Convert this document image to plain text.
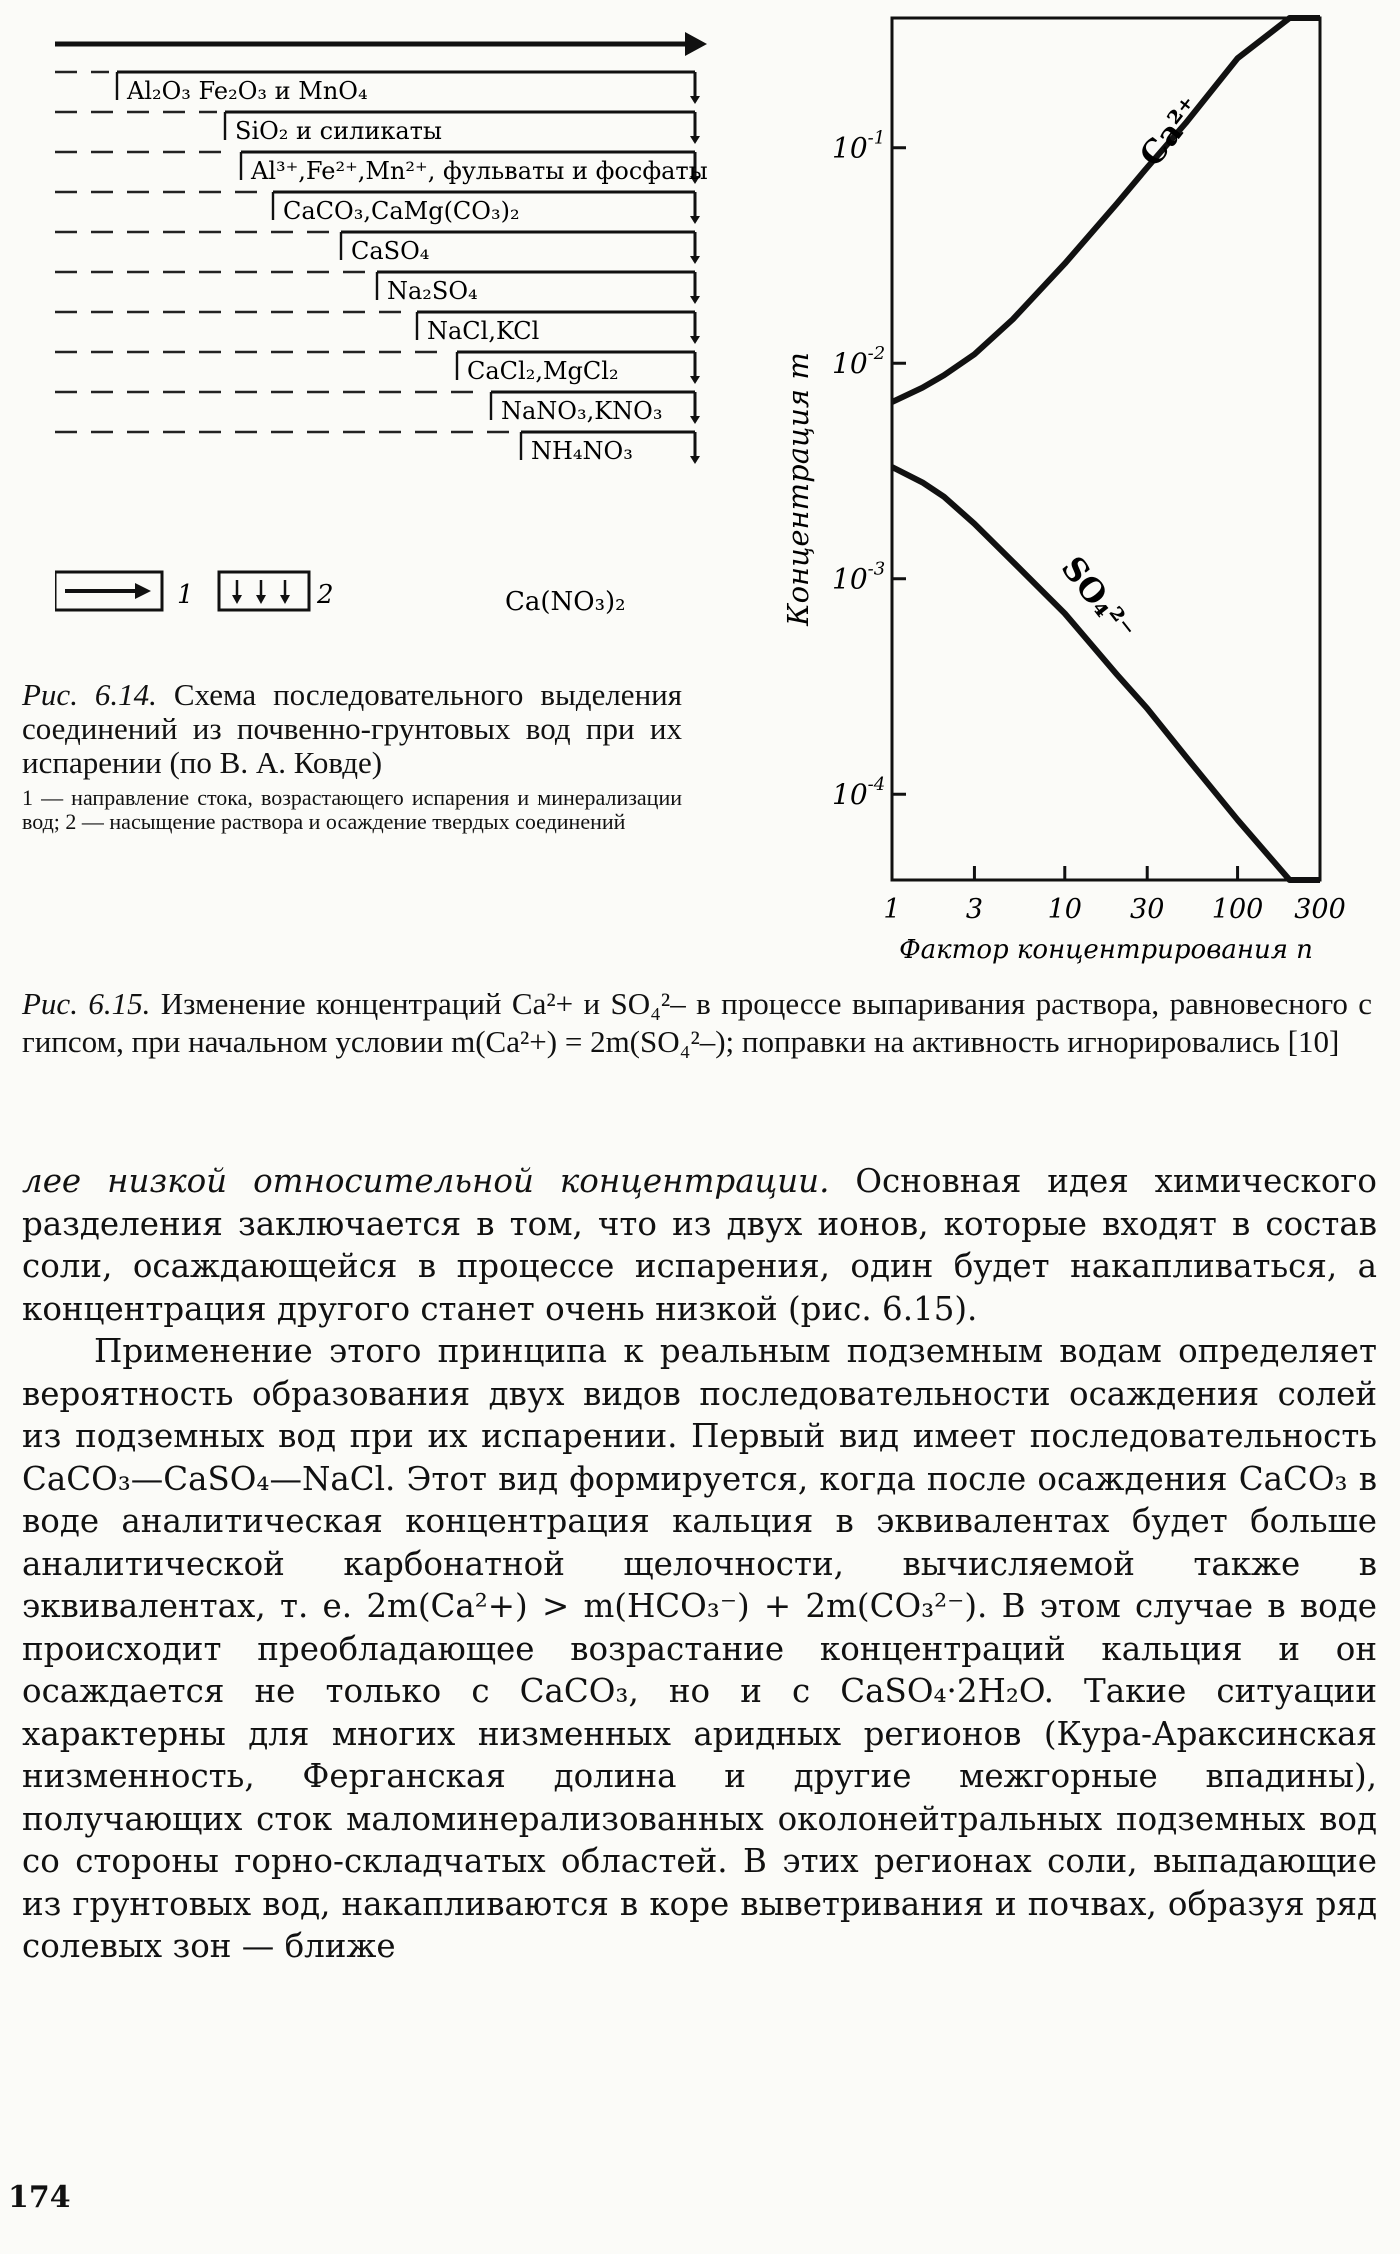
Al₂O₃ Fe₂O₃ и MnO₄
SiO₂ и силикаты
Al³⁺,Fe²⁺,Mn²⁺, фульваты и фосфаты
CaCO₃,CaMg(CO₃)₂
CaSO₄
Na₂SO₄
NaCl,KCl
CaCl₂,MgCl₂
NaNO₃,KNO₃
NH₄NO₃
Ca(NO₃)₂
1	2
Рис. 6.14. Схема последовательного выделения соединений из почвенно-грунтовых вод при их испарении (по В. А. Ковде)
1 — направление стока, возрастающего испарения и минерализации вод; 2 — насыщение раствора и осаждение твердых соединений
1 3 10 30 100 300
$10^{-1}$
$10^{-2}$
$10^{-3}$
$10^{-4}$
Концентрация m
Фактор концентрирования n
Ca²⁺
SO₄²⁻
Рис. 6.15. Изменение концентраций Ca²+ и SO₄²– в процессе выпаривания раствора, равновесного с гипсом, при начальном условии m(Ca²+) = 2m(SO₄²–); поправки на активность игнорировались [10]

лее низкой относительной концентрации. Основная идея химического разделения заключается в том, что из двух ионов, которые входят в состав соли, осаждающейся в процессе испарения, один будет накапливаться, а концентрация другого станет очень низкой (рис. 6.15).

Применение этого принципа к реальным подземным водам определяет вероятность образования двух видов последовательности осаждения солей из подземных вод при их испарении. Первый вид имеет последовательность CaCO₃—CaSO₄—NaCl. Этот вид формируется, когда после осаждения CaCO₃ в воде аналитическая концентрация кальция в эквивалентах будет больше аналитической карбонатной щелочности, вычисляемой также в эквивалентах, т. е. 2m(Ca²+) > m(HCO₃⁻) + 2m(CO₃²⁻). В этом случае в воде происходит преобладающее возрастание концентраций кальция и он осаждается не только с CaCO₃, но и с CaSO₄·2H₂O. Такие ситуации характерны для многих низменных аридных регионов (Кура-Араксинская низменность, Ферганская долина и другие межгорные впадины), получающих сток маломинерализованных околонейтральных подземных вод со стороны горно-складчатых областей. В этих регионах соли, выпадающие из грунтовых вод, накапливаются в коре выветривания и почвах, образуя ряд солевых зон — ближе

174
